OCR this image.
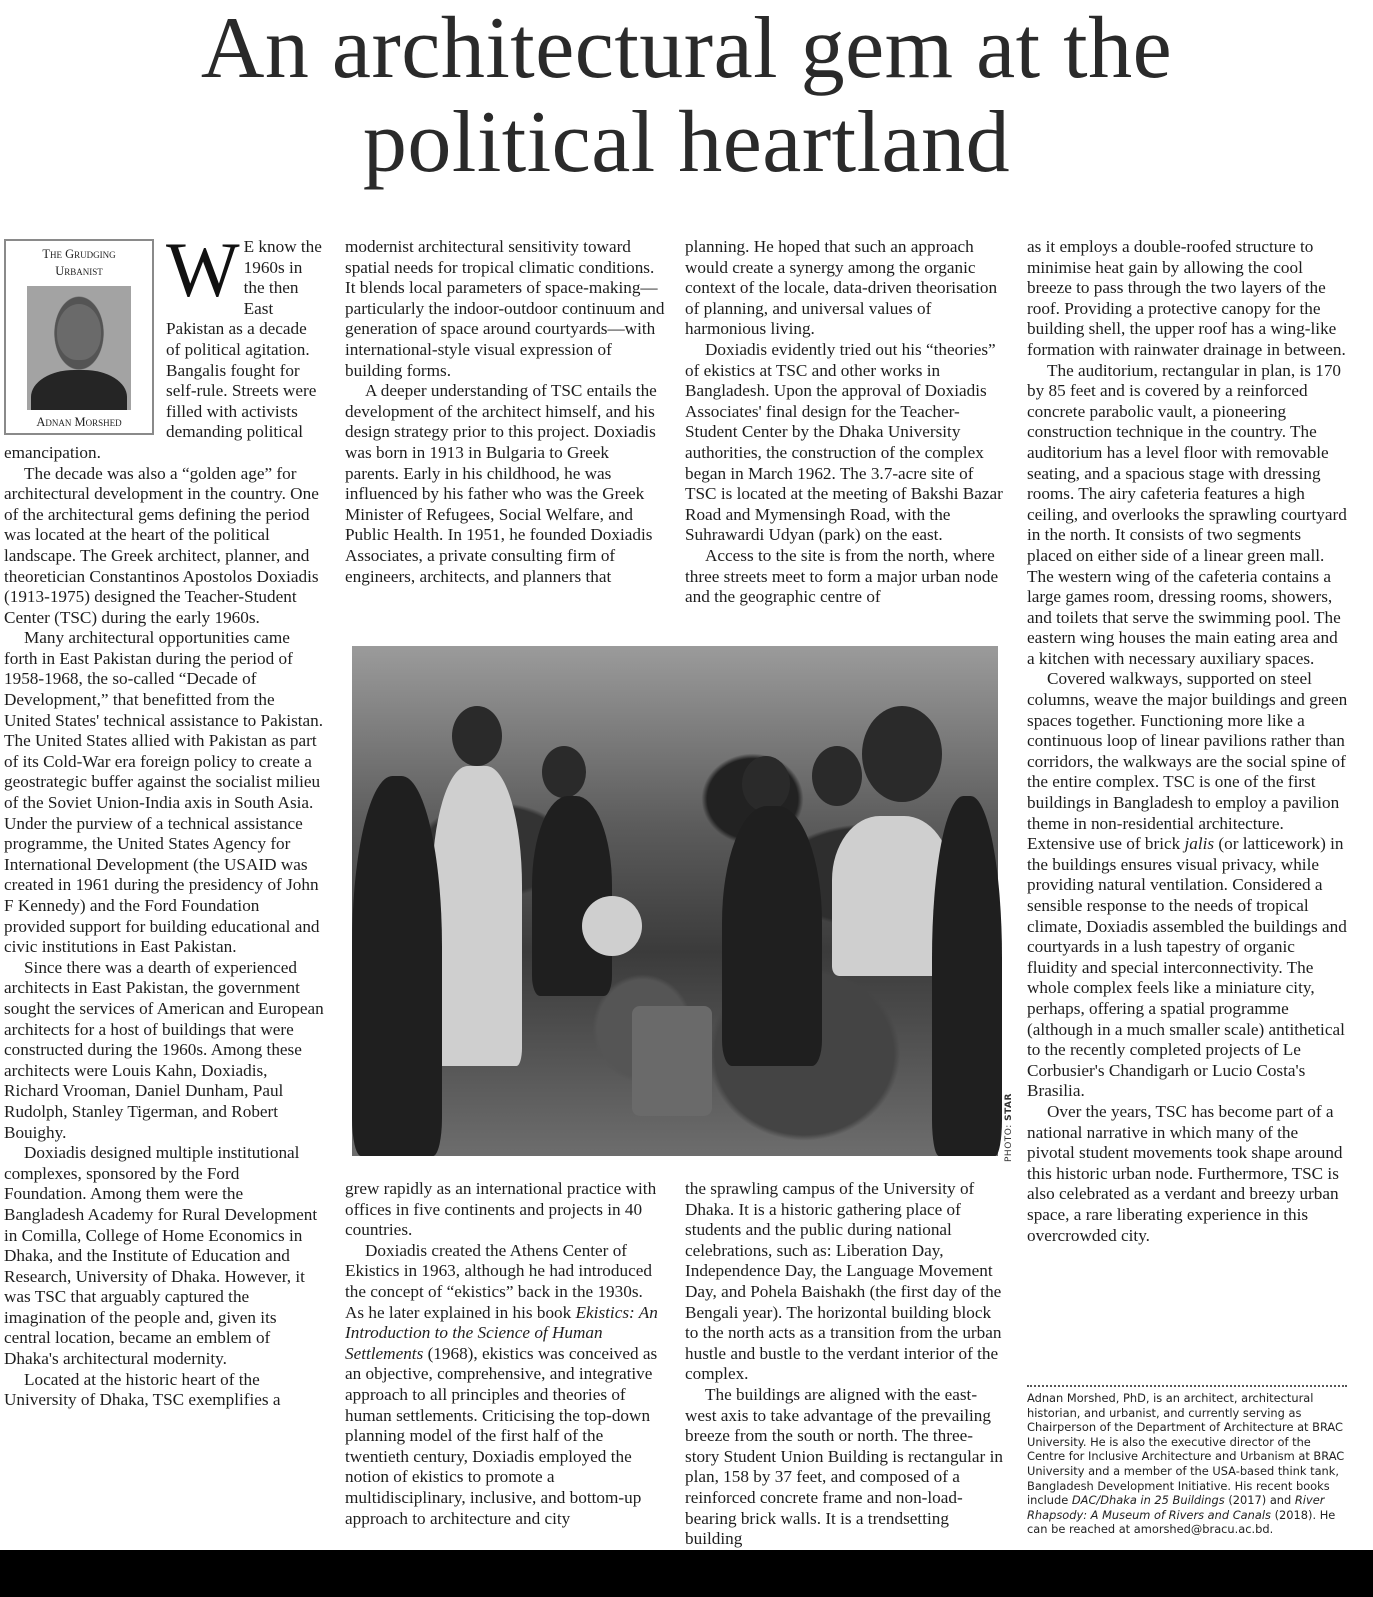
An architectural gem at the
political heartland
The Grudging
Urbanist
Adnan Morshed
W E know the 1960s in the then East Pakistan as a decade of political agitation. Bangalis fought for self-rule. Streets were filled with activists demanding political emancipation.

The decade was also a “golden age” for architectural development in the country. One of the architectural gems defining the period was located at the heart of the political landscape. The Greek architect, planner, and theoretician Constantinos Apostolos Doxiadis (1913-1975) designed the Teacher-Student Center (TSC) during the early 1960s.

Many architectural opportunities came forth in East Pakistan during the period of 1958-1968, the so-called “Decade of Development,” that benefitted from the United States' technical assistance to Pakistan. The United States allied with Pakistan as part of its Cold-War era foreign policy to create a geostrategic buffer against the socialist milieu of the Soviet Union-India axis in South Asia. Under the purview of a technical assistance programme, the United States Agency for International Development (the USAID was created in 1961 during the presidency of John F Kennedy) and the Ford Foundation provided support for building educational and civic institutions in East Pakistan.

Since there was a dearth of experienced architects in East Pakistan, the government sought the services of American and European architects for a host of buildings that were constructed during the 1960s. Among these architects were Louis Kahn, Doxiadis, Richard Vrooman, Daniel Dunham, Paul Rudolph, Stanley Tigerman, and Robert Bouighy.

Doxiadis designed multiple institutional complexes, sponsored by the Ford Foundation. Among them were the Bangladesh Academy for Rural Development in Comilla, College of Home Economics in Dhaka, and the Institute of Education and Research, University of Dhaka. However, it was TSC that arguably captured the imagination of the people and, given its central location, became an emblem of Dhaka's architectural modernity.

Located at the historic heart of the University of Dhaka, TSC exemplifies a

modernist architectural sensitivity toward spatial needs for tropical climatic conditions. It blends local parameters of space-making—particularly the indoor-outdoor continuum and generation of space around courtyards—with international-style visual expression of building forms.

A deeper understanding of TSC entails the development of the architect himself, and his design strategy prior to this project. Doxiadis was born in 1913 in Bulgaria to Greek parents. Early in his childhood, he was influenced by his father who was the Greek Minister of Refugees, Social Welfare, and Public Health. In 1951, he founded Doxiadis Associates, a private consulting firm of engineers, architects, and planners that

planning. He hoped that such an approach would create a synergy among the organic context of the locale, data-driven theorisation of planning, and universal values of harmonious living.

Doxiadis evidently tried out his “theories” of ekistics at TSC and other works in Bangladesh. Upon the approval of Doxiadis Associates' final design for the Teacher-Student Center by the Dhaka University authorities, the construction of the complex began in March 1962. The 3.7-acre site of TSC is located at the meeting of Bakshi Bazar Road and Mymensingh Road, with the Suhrawardi Udyan (park) on the east.

Access to the site is from the north, where three streets meet to form a major urban node and the geographic centre of

PHOTO: STAR

grew rapidly as an international practice with offices in five continents and projects in 40 countries.

Doxiadis created the Athens Center of Ekistics in 1963, although he had introduced the concept of “ekistics” back in the 1930s. As he later explained in his book Ekistics: An Introduction to the Science of Human Settlements (1968), ekistics was conceived as an objective, comprehensive, and integrative approach to all principles and theories of human settlements. Criticising the top-down planning model of the first half of the twentieth century, Doxiadis employed the notion of ekistics to promote a multidisciplinary, inclusive, and bottom-up approach to architecture and city

the sprawling campus of the University of Dhaka. It is a historic gathering place of students and the public during national celebrations, such as: Liberation Day, Independence Day, the Language Movement Day, and Pohela Baishakh (the first day of the Bengali year). The horizontal building block to the north acts as a transition from the urban hustle and bustle to the verdant interior of the complex.

The buildings are aligned with the east-west axis to take advantage of the prevailing breeze from the south or north. The three-story Student Union Building is rectangular in plan, 158 by 37 feet, and composed of a reinforced concrete frame and non-load-bearing brick walls. It is a trendsetting building

as it employs a double-roofed structure to minimise heat gain by allowing the cool breeze to pass through the two layers of the roof. Providing a protective canopy for the building shell, the upper roof has a wing-like formation with rainwater drainage in between.

The auditorium, rectangular in plan, is 170 by 85 feet and is covered by a reinforced concrete parabolic vault, a pioneering construction technique in the country. The auditorium has a level floor with removable seating, and a spacious stage with dressing rooms. The airy cafeteria features a high ceiling, and overlooks the sprawling courtyard in the north. It consists of two segments placed on either side of a linear green mall. The western wing of the cafeteria contains a large games room, dressing rooms, showers, and toilets that serve the swimming pool. The eastern wing houses the main eating area and a kitchen with necessary auxiliary spaces.

Covered walkways, supported on steel columns, weave the major buildings and green spaces together. Functioning more like a continuous loop of linear pavilions rather than corridors, the walkways are the social spine of the entire complex. TSC is one of the first buildings in Bangladesh to employ a pavilion theme in non-residential architecture. Extensive use of brick jalis (or latticework) in the buildings ensures visual privacy, while providing natural ventilation. Considered a sensible response to the needs of tropical climate, Doxiadis assembled the buildings and courtyards in a lush tapestry of organic fluidity and special interconnectivity. The whole complex feels like a miniature city, perhaps, offering a spatial programme (although in a much smaller scale) antithetical to the recently completed projects of Le Corbusier's Chandigarh or Lucio Costa's Brasilia.

Over the years, TSC has become part of a national narrative in which many of the pivotal student movements took shape around this historic urban node. Furthermore, TSC is also celebrated as a verdant and breezy urban space, a rare liberating experience in this overcrowded city.

Adnan Morshed, PhD, is an architect, architectural historian, and urbanist, and currently serving as Chairperson of the Department of Architecture at BRAC University. He is also the executive director of the Centre for Inclusive Architecture and Urbanism at BRAC University and a member of the USA-based think tank, Bangladesh Development Initiative. His recent books include DAC/Dhaka in 25 Buildings (2017) and River Rhapsody: A Museum of Rivers and Canals (2018). He can be reached at amorshed@bracu.ac.bd.
